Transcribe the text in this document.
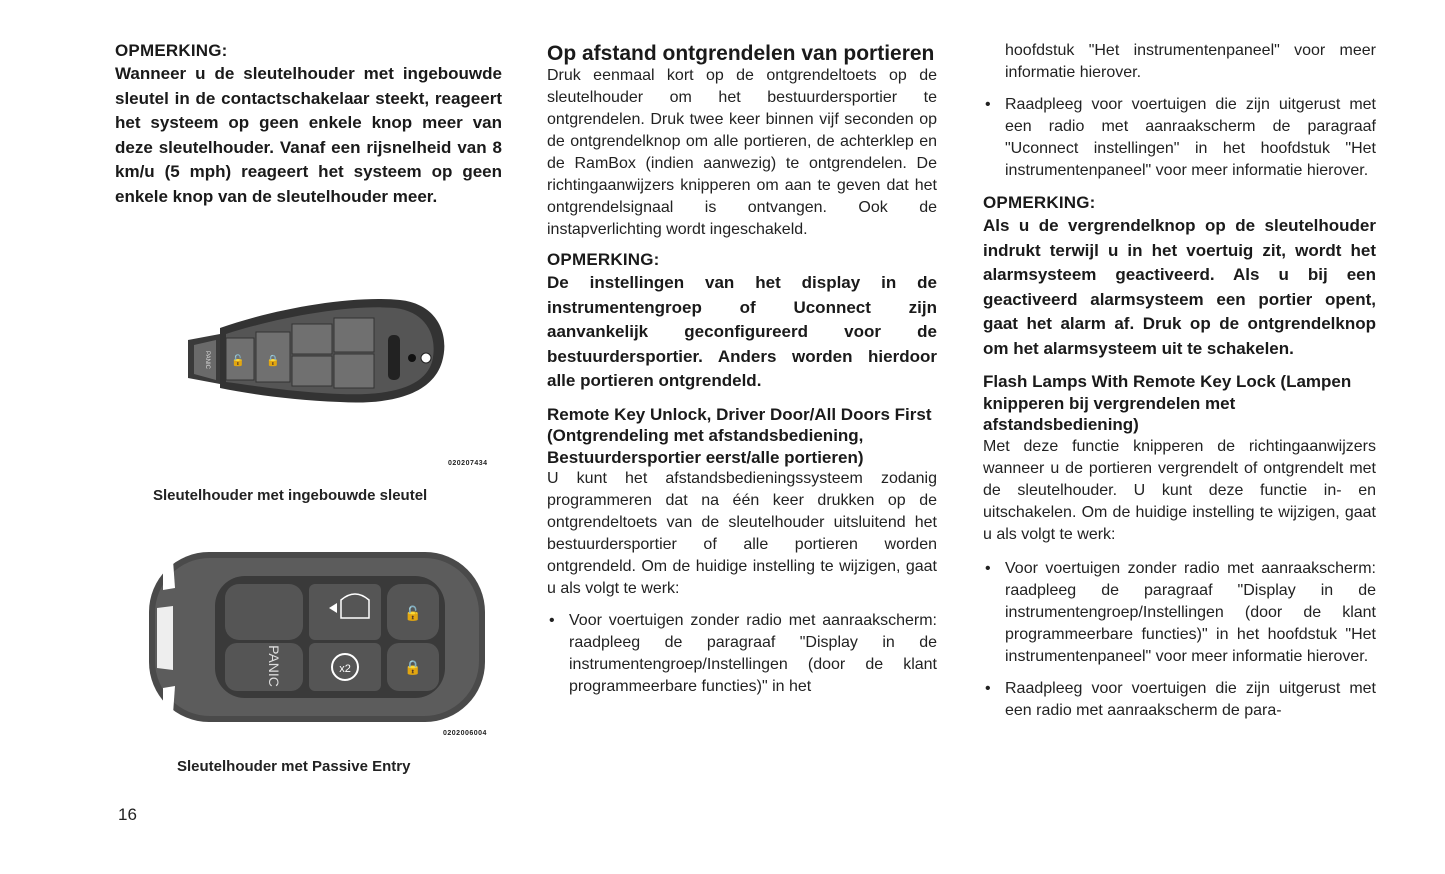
OPMERKING:

Wanneer u de sleutelhouder met ingebouwde sleutel in de contactschakelaar steekt, reageert het systeem op geen enkele knop meer van deze sleutelhouder. Vanaf een rijsnelheid van 8 km/u (5 mph) reageert het systeem op geen enkele knop van de sleutelhouder meer.

PANIC 🔓 🔒
020207434
Sleutelhouder met ingebouwde sleutel
PANIC	x2
🔓
🔒
0202006004
Sleutelhouder met Passive Entry

Op afstand ontgrendelen van portieren

Druk eenmaal kort op de ontgrendeltoets op de sleutelhouder om het bestuurdersportier te ontgrendelen. Druk twee keer binnen vijf seconden op de ontgrendelknop om alle portieren, de achterklep en de RamBox (indien aanwezig) te ontgrendelen. De richtingaanwijzers knipperen om aan te geven dat het ontgrendelsignaal is ontvangen. Ook de instapverlichting wordt ingeschakeld.

OPMERKING:

De instellingen van het display in de instrumentengroep of Uconnect zijn aanvankelijk geconfigureerd voor de bestuurdersportier. Anders worden hierdoor alle portieren ontgrendeld.

Remote Key Unlock, Driver Door/All Doors First (Ontgrendeling met afstandsbediening, Bestuurdersportier eerst/alle portieren)

U kunt het afstandsbedieningssysteem zodanig programmeren dat na één keer drukken op de ontgrendeltoets van de sleutelhouder uitsluitend het bestuurdersportier of alle portieren worden ontgrendeld. Om de huidige instelling te wijzigen, gaat u als volgt te werk:

• Voor voertuigen zonder radio met aanraakscherm: raadpleeg de paragraaf "Display in de instrumentengroep/Instellingen (door de klant programmeerbare functies)" in het
hoofdstuk "Het instrumentenpaneel" voor meer informatie hierover.
• Raadpleeg voor voertuigen die zijn uitgerust met een radio met aanraakscherm de paragraaf "Uconnect instellingen" in het hoofdstuk "Het instrumentenpaneel" voor meer informatie hierover.

OPMERKING:

Als u de vergrendelknop op de sleutelhouder indrukt terwijl u in het voertuig zit, wordt het alarmsysteem geactiveerd. Als u bij een geactiveerd alarmsysteem een portier opent, gaat het alarm af. Druk op de ontgrendelknop om het alarmsysteem uit te schakelen.

Flash Lamps With Remote Key Lock (Lampen knipperen bij vergrendelen met afstandsbediening)

Met deze functie knipperen de richtingaanwijzers wanneer u de portieren vergrendelt of ontgrendelt met de sleutelhouder. U kunt deze functie in- en uitschakelen. Om de huidige instelling te wijzigen, gaat u als volgt te werk:

• Voor voertuigen zonder radio met aanraakscherm: raadpleeg de paragraaf "Display in de instrumentengroep/Instellingen (door de klant programmeerbare functies)" in het hoofdstuk "Het instrumentenpaneel" voor meer informatie hierover.
• Raadpleeg voor voertuigen die zijn uitgerust met een radio met aanraakscherm de para-
16
